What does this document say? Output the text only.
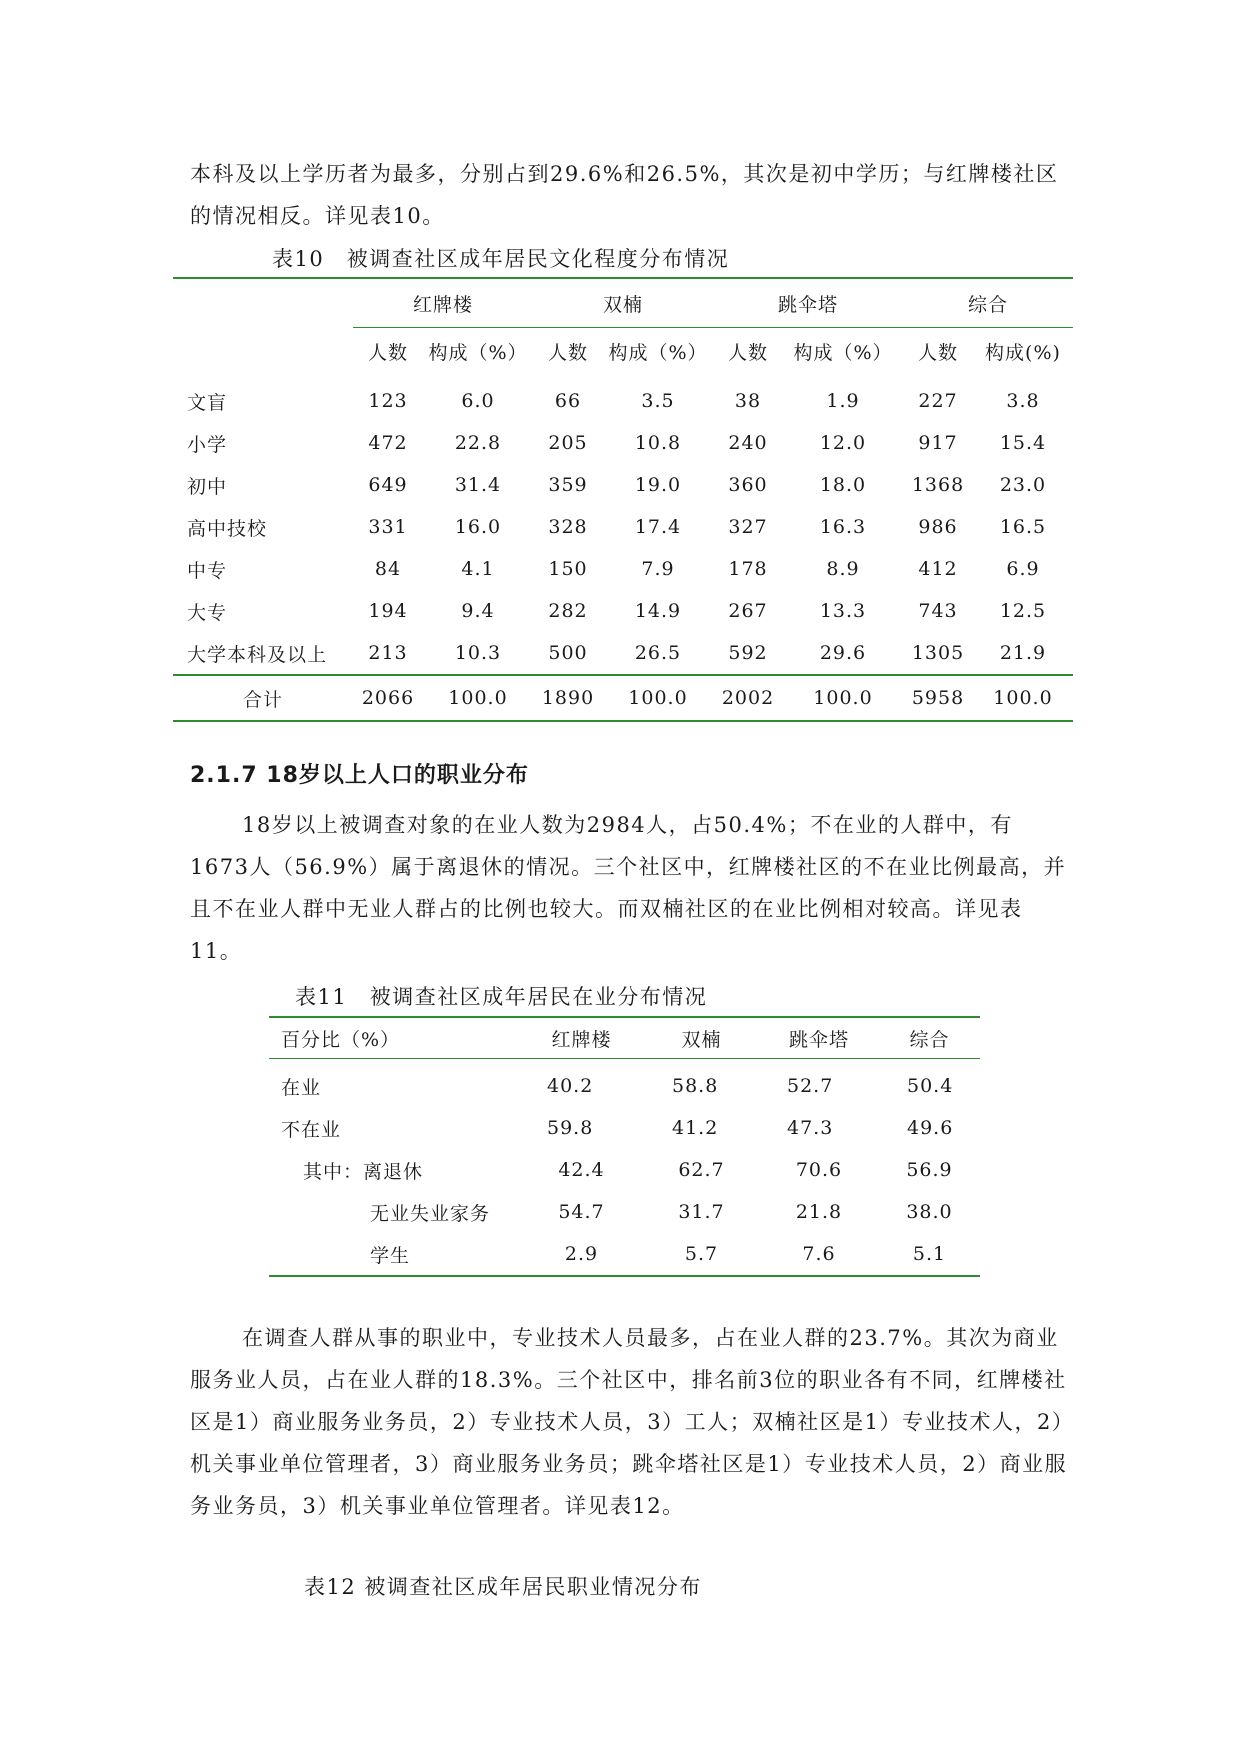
本科及以上学历者为最多，分别占到29.6%和26.5%，其次是初中学历；与红牌楼社区的情况相反。详见表10。

表10　被调查社区成年居民文化程度分布情况
	红牌楼		双楠		跳伞塔		综合	
	人数	构成（%）	人数	构成（%）	人数	构成（%）	人数	构成(%)
文盲	123	6.0	66	3.5	38	1.9	227	3.8
小学	472	22.8	205	10.8	240	12.0	917	15.4
初中	649	31.4	359	19.0	360	18.0	1368	23.0
高中技校	331	16.0	328	17.4	327	16.3	986	16.5
中专	84	4.1	150	7.9	178	8.9	412	6.9
大专	194	9.4	282	14.9	267	13.3	743	12.5
大学本科及以上	213	10.3	500	26.5	592	29.6	1305	21.9
合计	2066	100.0	1890	100.0	2002	100.0	5958	100.0
2.1.7 18岁以上人口的职业分布

18岁以上被调查对象的在业人数为2984人，占50.4%；不在业的人群中，有1673人（56.9%）属于离退休的情况。三个社区中，红牌楼社区的不在业比例最高，并且不在业人群中无业人群占的比例也较大。而双楠社区的在业比例相对较高。详见表11。

表11　被调查社区成年居民在业分布情况
百分比（%）	红牌楼	双楠	跳伞塔	综合
在业	40.2	58.8	52.7	50.4
不在业	59.8	41.2	47.3	49.6
其中：离退休	42.4	62.7	70.6	56.9
无业失业家务	54.7	31.7	21.8	38.0
学生	2.9	5.7	7.6	5.1

在调查人群从事的职业中，专业技术人员最多，占在业人群的23.7%。其次为商业服务业人员，占在业人群的18.3%。三个社区中，排名前3位的职业各有不同，红牌楼社区是1）商业服务业务员，2）专业技术人员，3）工人；双楠社区是1）专业技术人，2）机关事业单位管理者，3）商业服务业务员；跳伞塔社区是1）专业技术人员，2）商业服务业务员，3）机关事业单位管理者。详见表12。

表12 被调查社区成年居民职业情况分布
